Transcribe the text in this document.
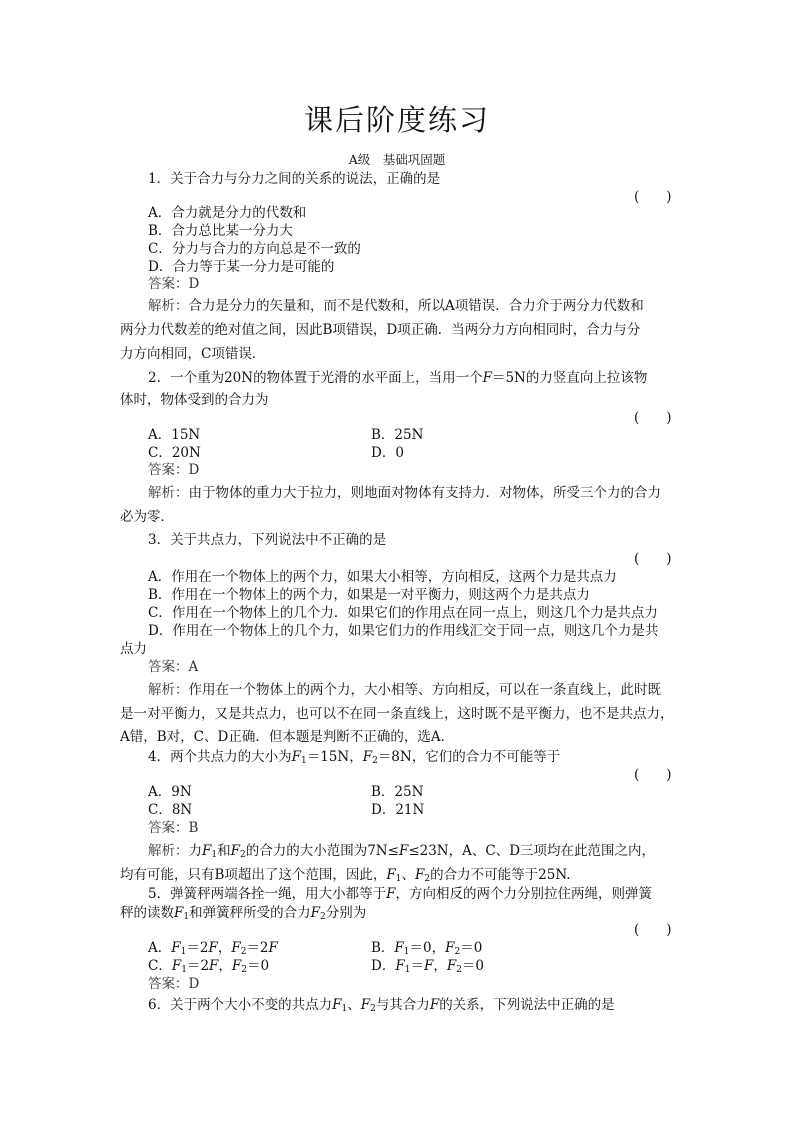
课后阶度练习
A级　基础巩固题
1．关于合力与分力之间的关系的说法，正确的是
(　　)
A．合力就是分力的代数和
B．合力总比某一分力大
C．分力与合力的方向总是不一致的
D．合力等于某一分力是可能的
答案：D
解析：合力是分力的矢量和，而不是代数和，所以A项错误．合力介于两分力代数和
两分力代数差的绝对值之间，因此B项错误，D项正确．当两分力方向相同时，合力与分
力方向相同，C项错误．
2．一个重为20N的物体置于光滑的水平面上，当用一个F＝5N的力竖直向上拉该物
体时，物体受到的合力为
(　　)
A．15N	B．25N
C．20N	D．0
答案：D
解析：由于物体的重力大于拉力，则地面对物体有支持力．对物体，所受三个力的合力
必为零．
3．关于共点力，下列说法中不正确的是
(　　)
A．作用在一个物体上的两个力，如果大小相等，方向相反，这两个力是共点力
B．作用在一个物体上的两个力，如果是一对平衡力，则这两个力是共点力
C．作用在一个物体上的几个力．如果它们的作用点在同一点上，则这几个力是共点力
D．作用在一个物体上的几个力，如果它们力的作用线汇交于同一点，则这几个力是共
点力
答案：A
解析：作用在一个物体上的两个力，大小相等、方向相反，可以在一条直线上，此时既
是一对平衡力，又是共点力，也可以不在同一条直线上，这时既不是平衡力，也不是共点力，
A错，B对，C、D正确．但本题是判断不正确的，选A.
4．两个共点力的大小为$F_1=15N$，$F_2=8N$，它们的合力不可能等于
(　　)
A．9N	B．25N
C．8N	D．21N
答案：B
解析：力$F_1$和$F_2$的合力的大小范围为7N≤F≤23N，A、C、D三项均在此范围之内，
均有可能，只有B项超出了这个范围，因此，$F_1$、$F_2$的合力不可能等于25N.
5．弹簧秤两端各拴一绳，用大小都等于F，方向相反的两个力分别拉住两绳，则弹簧
秤的读数$F_1$和弹簧秤所受的合力$F_2$分别为
(　　)
A．$F_1=2F$，$F_2=2F$	B．$F_1=0$，$F_2=0$
C．$F_1=2F$，$F_2=0$	D．$F_1=F$，$F_2=0$
答案：D
6．关于两个大小不变的共点力$F_1$、$F_2$与其合力F的关系，下列说法中正确的是
